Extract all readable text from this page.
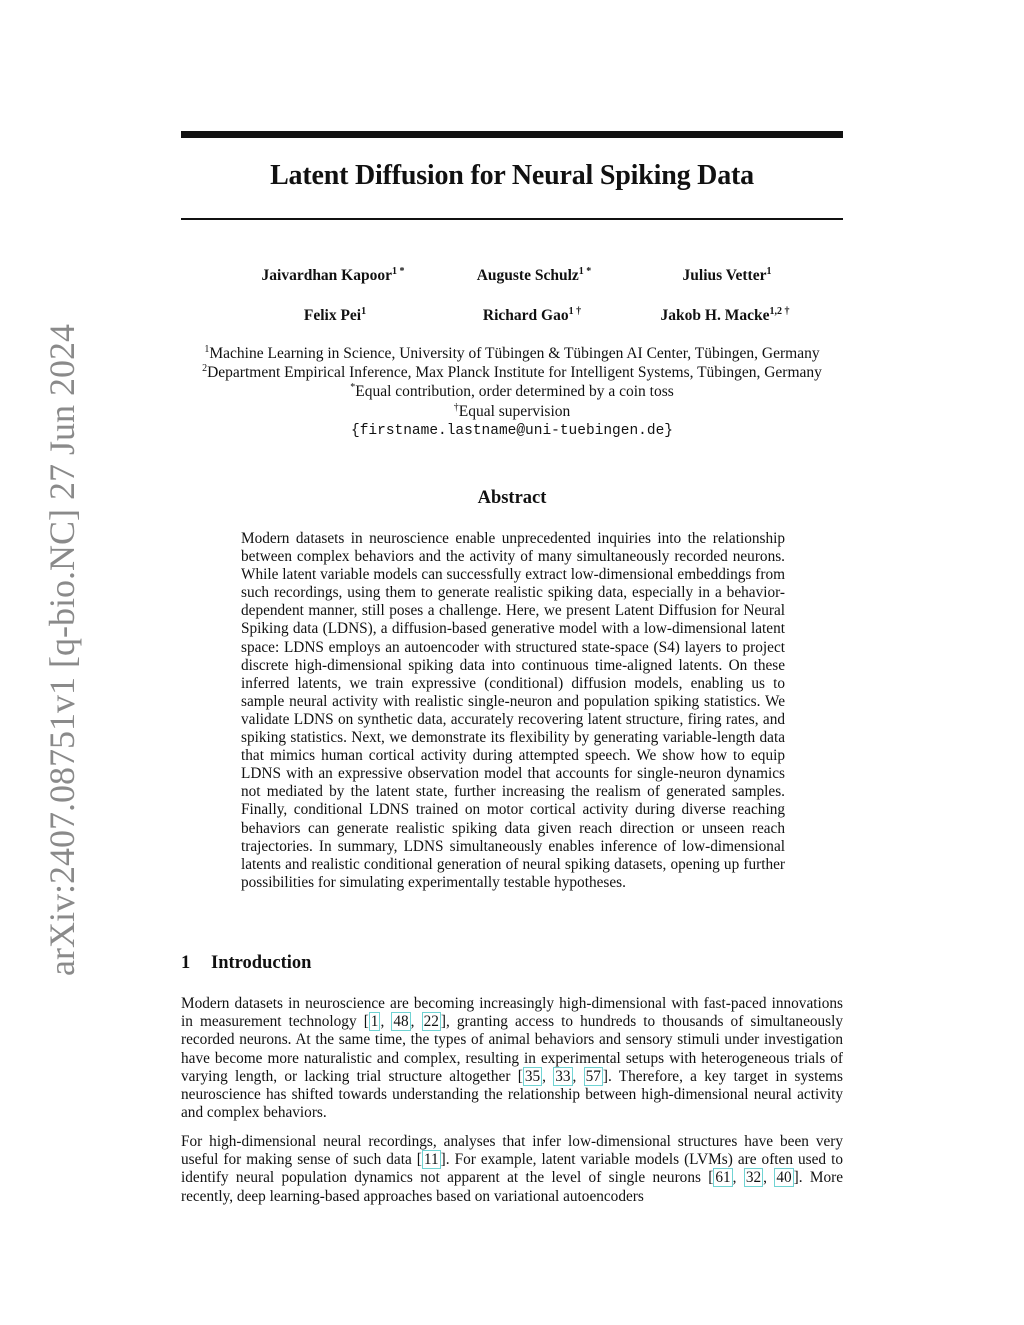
arXiv:2407.08751v1 [q-bio.NC] 27 Jun 2024
Latent Diffusion for Neural Spiking Data
Jaivardhan Kapoor$^{1 *}$	Auguste Schulz$^{1 *}$	Julius Vetter$^1$
Felix Pei$^1$	Richard Gao$^{1 \dagger}$	Jakob H. Macke$^{1,2 \dagger}$
$^1$Machine Learning in Science, University of Tübingen & Tübingen AI Center, Tübingen, Germany
$^2$Department Empirical Inference, Max Planck Institute for Intelligent Systems, Tübingen, Germany
*Equal contribution, order determined by a coin toss
†Equal supervision
{firstname.lastname@uni-tuebingen.de}
Abstract
Modern datasets in neuroscience enable unprecedented inquiries into the relationship between complex behaviors and the activity of many simultaneously recorded neurons. While latent variable models can successfully extract low-dimensional embeddings from such recordings, using them to generate realistic spiking data, especially in a behavior-dependent manner, still poses a challenge. Here, we present Latent Diffusion for Neural Spiking data (LDNS), a diffusion-based generative model with a low-dimensional latent space: LDNS employs an autoencoder with structured state-space (S4) layers to project discrete high-dimensional spiking data into continuous time-aligned latents. On these inferred latents, we train expressive (conditional) diffusion models, enabling us to sample neural activity with realistic single-neuron and population spiking statistics. We validate LDNS on synthetic data, accurately recovering latent structure, firing rates, and spiking statistics. Next, we demonstrate its flexibility by generating variable-length data that mimics human cortical activity during attempted speech. We show how to equip LDNS with an expressive observation model that accounts for single-neuron dynamics not mediated by the latent state, further increasing the realism of generated samples. Finally, conditional LDNS trained on motor cortical activity during diverse reaching behaviors can generate realistic spiking data given reach direction or unseen reach trajectories. In summary, LDNS simultaneously enables inference of low-dimensional latents and realistic conditional generation of neural spiking datasets, opening up further possibilities for simulating experimentally testable hypotheses.
1 Introduction
Modern datasets in neuroscience are becoming increasingly high-dimensional with fast-paced innovations in measurement technology [ 1 , 48 , 22 ], granting access to hundreds to thousands of simultaneously recorded neurons. At the same time, the types of animal behaviors and sensory stimuli under investigation have become more naturalistic and complex, resulting in experimental setups with heterogeneous trials of varying length, or lacking trial structure altogether [ 35 , 33 , 57 ]. Therefore, a key target in systems neuroscience has shifted towards understanding the relationship between high-dimensional neural activity and complex behaviors.
For high-dimensional neural recordings, analyses that infer low-dimensional structures have been very useful for making sense of such data [ 11 ]. For example, latent variable models (LVMs) are often used to identify neural population dynamics not apparent at the level of single neurons [ 61 , 32 , 40 ]. More recently, deep learning-based approaches based on variational autoencoders
